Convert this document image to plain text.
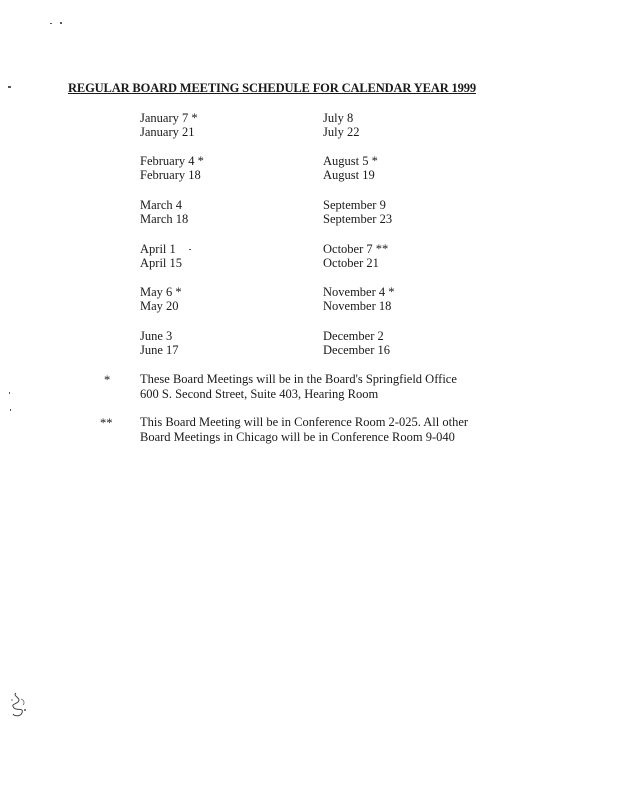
REGULAR BOARD MEETING SCHEDULE FOR CALENDAR YEAR 1999
January 7 *
January 21
February 4 *
February 18
March 4
March 18
April 1
April 15
May 6 *
May 20
June 3
June 17
July 8
July 22
August 5 *
August 19
September 9
September 23
October 7 **
October 21
November 4 *
November 18
December 2
December 16
* These Board Meetings will be in the Board's Springfield Office
600 S. Second Street, Suite 403, Hearing Room
** This Board Meeting will be in Conference Room 2-025. All other
Board Meetings in Chicago will be in Conference Room 9-040
